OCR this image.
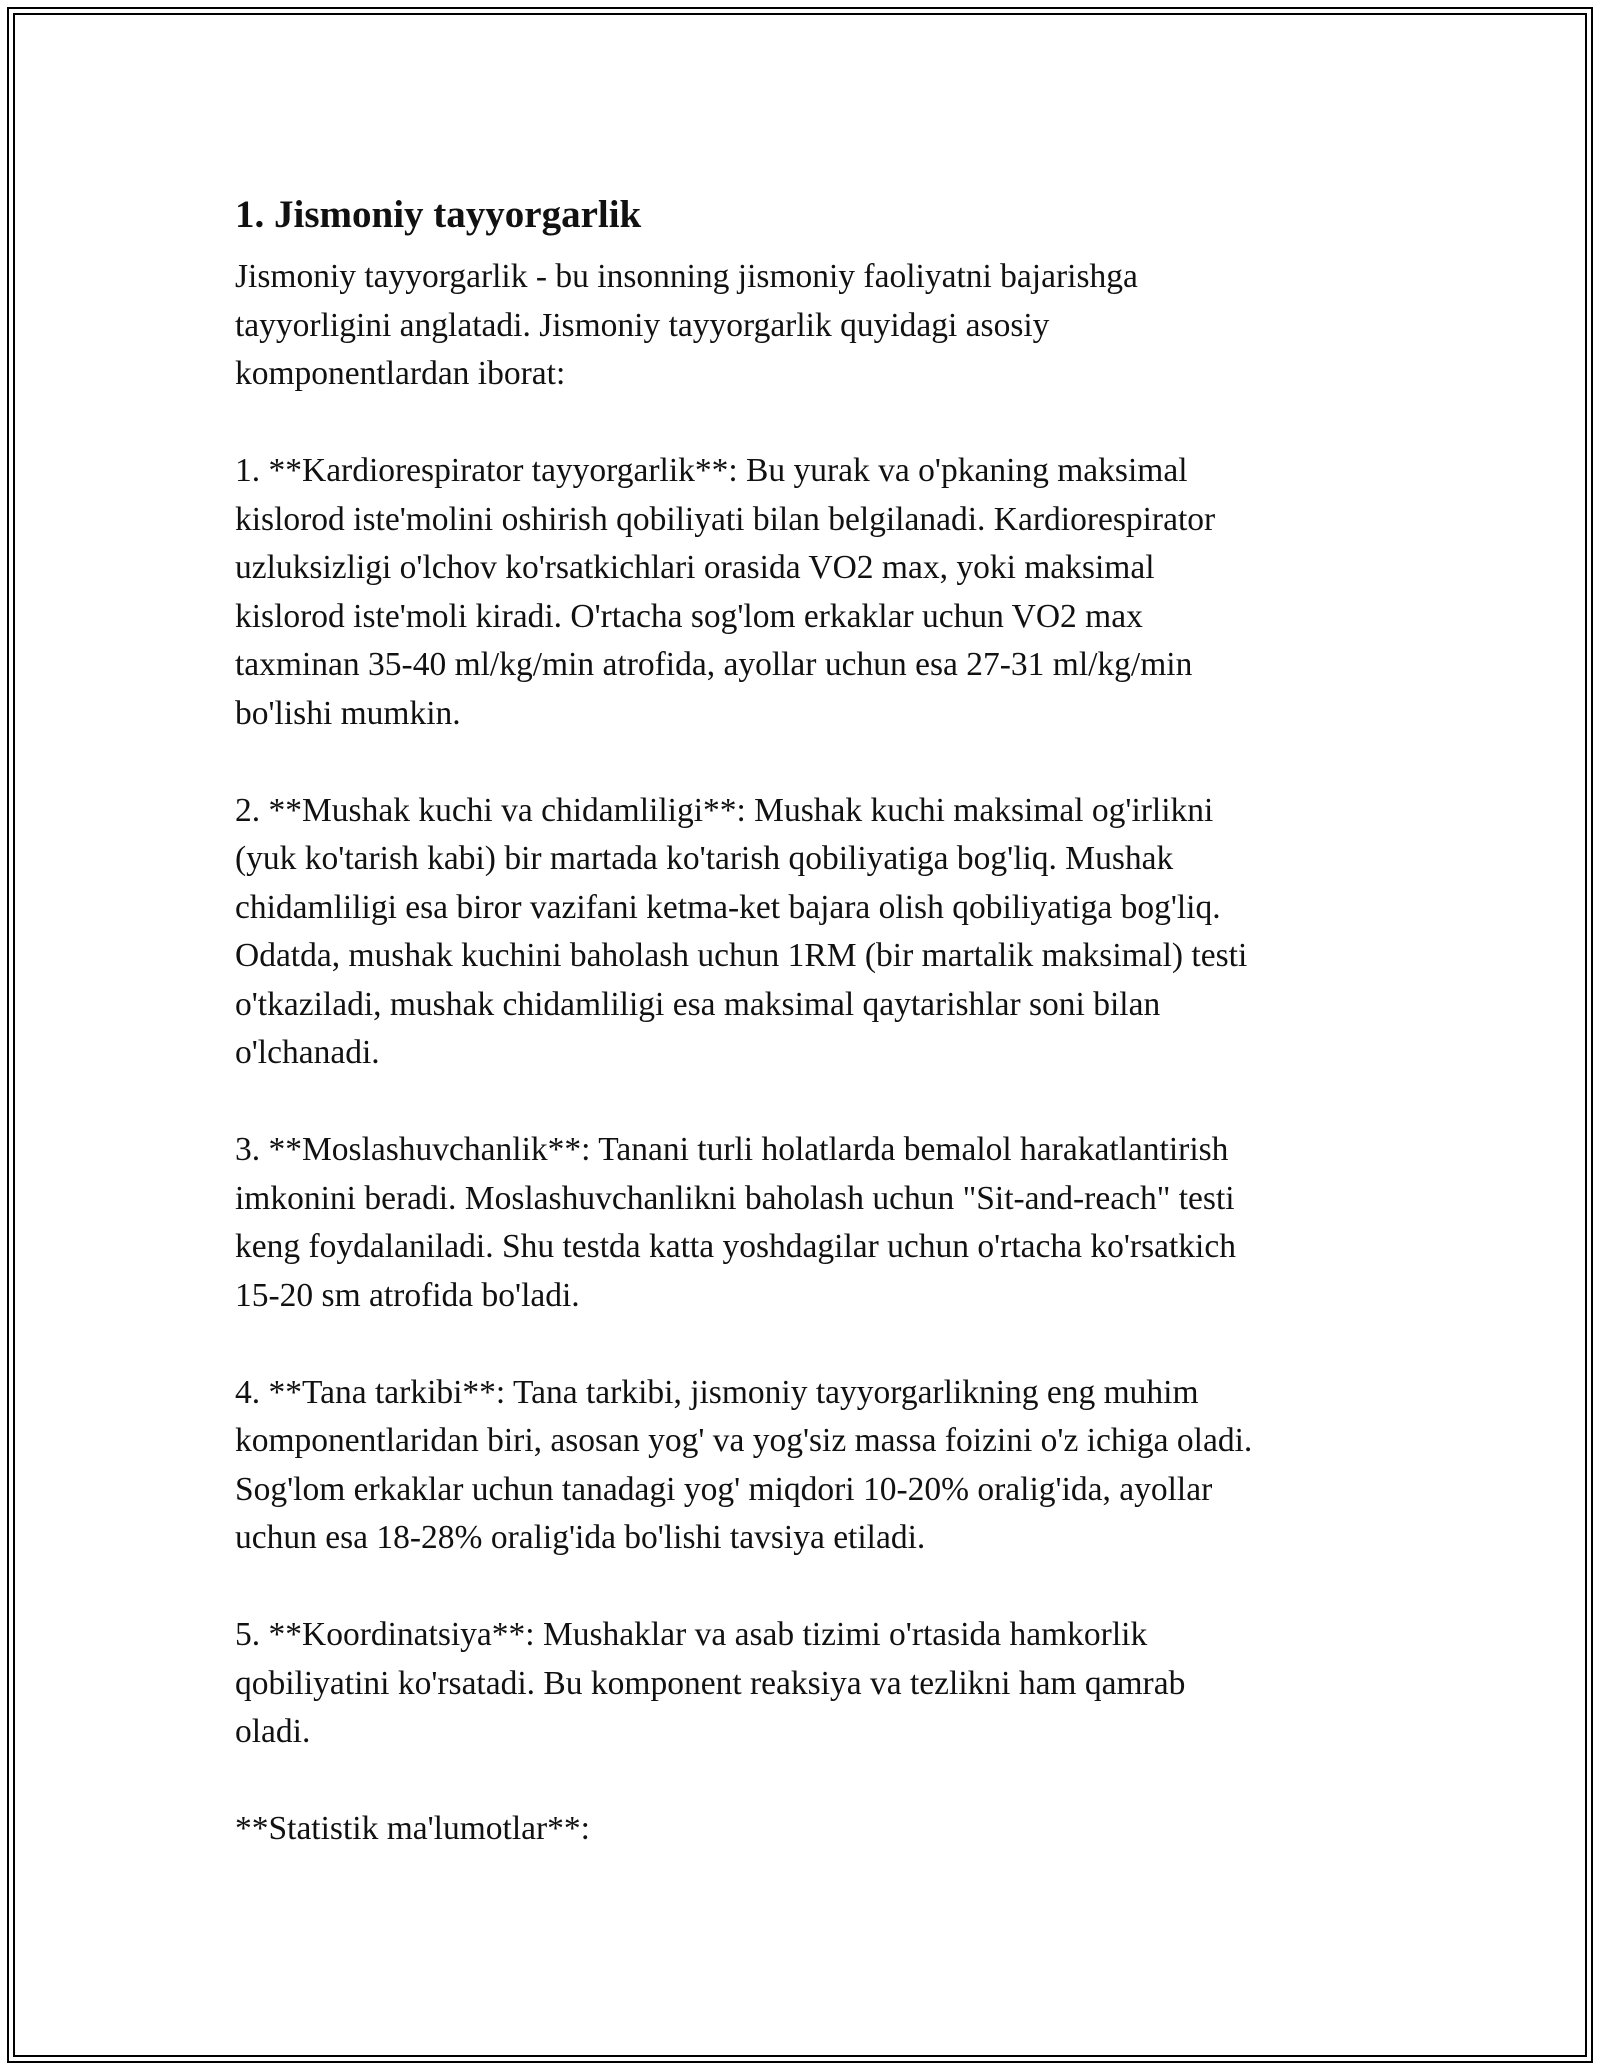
1. Jismoniy tayyorgarlik

Jismoniy tayyorgarlik - bu insonning jismoniy faoliyatni bajarishga
tayyorligini anglatadi. Jismoniy tayyorgarlik quyidagi asosiy
komponentlardan iborat:

1. **Kardiorespirator tayyorgarlik**: Bu yurak va o'pkaning maksimal
kislorod iste'molini oshirish qobiliyati bilan belgilanadi. Kardiorespirator
uzluksizligi o'lchov ko'rsatkichlari orasida VO2 max, yoki maksimal
kislorod iste'moli kiradi. O'rtacha sog'lom erkaklar uchun VO2 max
taxminan 35-40 ml/kg/min atrofida, ayollar uchun esa 27-31 ml/kg/min
bo'lishi mumkin.

2. **Mushak kuchi va chidamliligi**: Mushak kuchi maksimal og'irlikni
(yuk ko'tarish kabi) bir martada ko'tarish qobiliyatiga bog'liq. Mushak
chidamliligi esa biror vazifani ketma-ket bajara olish qobiliyatiga bog'liq.
Odatda, mushak kuchini baholash uchun 1RM (bir martalik maksimal) testi
o'tkaziladi, mushak chidamliligi esa maksimal qaytarishlar soni bilan
o'lchanadi.

3. **Moslashuvchanlik**: Tanani turli holatlarda bemalol harakatlantirish
imkonini beradi. Moslashuvchanlikni baholash uchun "Sit-and-reach" testi
keng foydalaniladi. Shu testda katta yoshdagilar uchun o'rtacha ko'rsatkich
15-20 sm atrofida bo'ladi.

4. **Tana tarkibi**: Tana tarkibi, jismoniy tayyorgarlikning eng muhim
komponentlaridan biri, asosan yog' va yog'siz massa foizini o'z ichiga oladi.
Sog'lom erkaklar uchun tanadagi yog' miqdori 10-20% oralig'ida, ayollar
uchun esa 18-28% oralig'ida bo'lishi tavsiya etiladi.

5. **Koordinatsiya**: Mushaklar va asab tizimi o'rtasida hamkorlik
qobiliyatini ko'rsatadi. Bu komponent reaksiya va tezlikni ham qamrab
oladi.

**Statistik ma'lumotlar**:
